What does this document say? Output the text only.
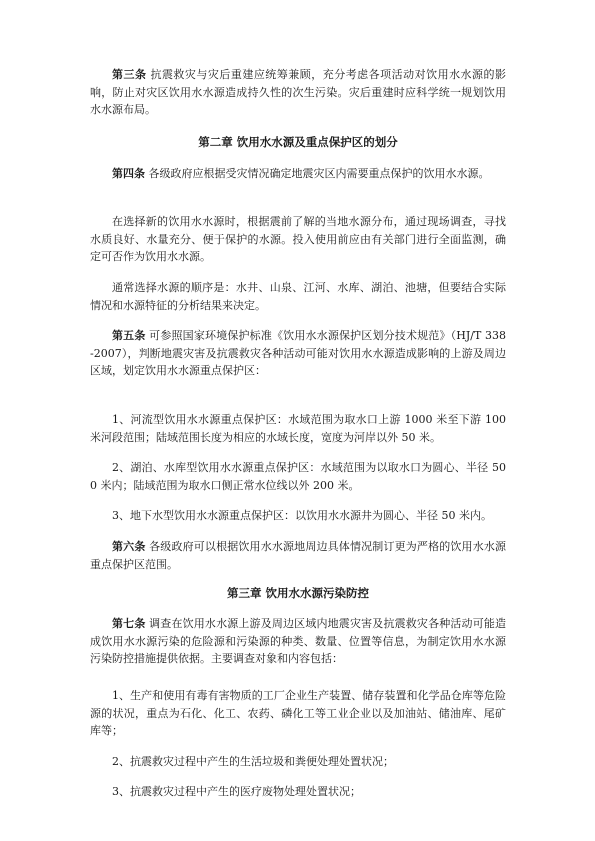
第三条 抗震救灾与灾后重建应统筹兼顾，充分考虑各项活动对饮用水水源的影响，防止对灾区饮用水水源造成持久性的次生污染。灾后重建时应科学统一规划饮用水水源布局。

第二章 饮用水水源及重点保护区的划分

第四条 各级政府应根据受灾情况确定地震灾区内需要重点保护的饮用水水源。

在选择新的饮用水水源时，根据震前了解的当地水源分布，通过现场调查，寻找水质良好、水量充分、便于保护的水源。投入使用前应由有关部门进行全面监测，确定可否作为饮用水水源。

通常选择水源的顺序是：水井、山泉、江河、水库、湖泊、池塘，但要结合实际情况和水源特征的分析结果来决定。

第五条 可参照国家环境保护标准《饮用水水源保护区划分技术规范》（HJ/T 338 -2007），判断地震灾害及抗震救灾各种活动可能对饮用水水源造成影响的上游及周边区域，划定饮用水水源重点保护区：

1、河流型饮用水水源重点保护区：水域范围为取水口上游 1000 米至下游 100 米河段范围；陆域范围长度为相应的水域长度，宽度为河岸以外 50 米。

2、湖泊、水库型饮用水水源重点保护区：水域范围为以取水口为圆心、半径 500 米内；陆域范围为取水口侧正常水位线以外 200 米。

3、地下水型饮用水水源重点保护区：以饮用水水源井为圆心、半径 50 米内。

第六条 各级政府可以根据饮用水水源地周边具体情况制订更为严格的饮用水水源重点保护区范围。

第三章 饮用水水源污染防控

第七条 调查在饮用水水源上游及周边区域内地震灾害及抗震救灾各种活动可能造成饮用水水源污染的危险源和污染源的种类、数量、位置等信息，为制定饮用水水源污染防控措施提供依据。主要调查对象和内容包括：

1、生产和使用有毒有害物质的工厂企业生产装置、储存装置和化学品仓库等危险源的状况，重点为石化、化工、农药、磷化工等工业企业以及加油站、储油库、尾矿库等；

2、抗震救灾过程中产生的生活垃圾和粪便处理处置状况；

3、抗震救灾过程中产生的医疗废物处理处置状况；
